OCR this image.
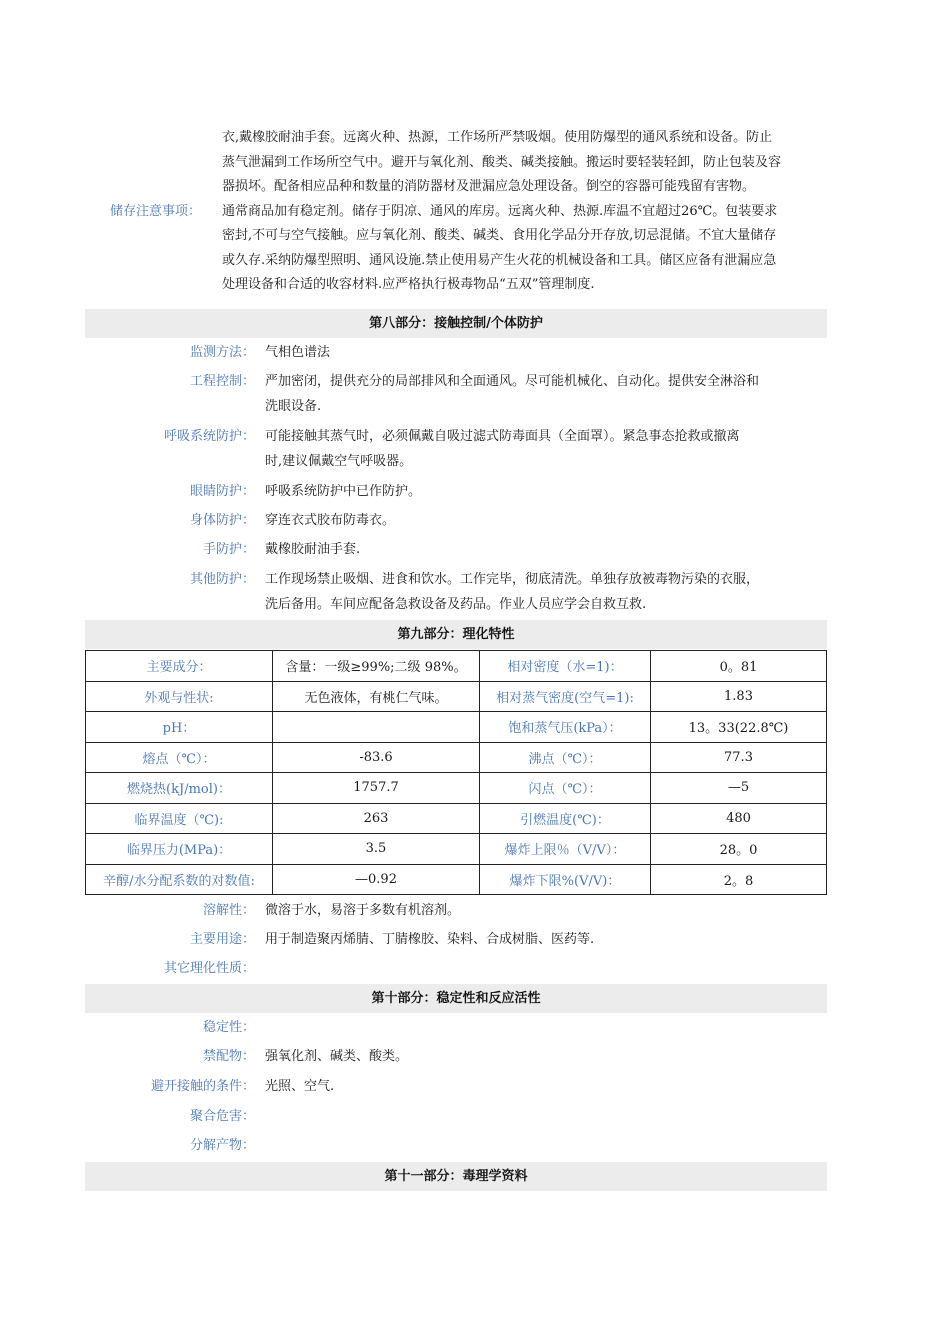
衣,戴橡胶耐油手套。远离火种、热源，工作场所严禁吸烟。使用防爆型的通风系统和设备。防止
蒸气泄漏到工作场所空气中。避开与氧化剂、酸类、碱类接触。搬运时要轻装轻卸，防止包装及容
器损坏。配备相应品种和数量的消防器材及泄漏应急处理设备。倒空的容器可能残留有害物。
储存注意事项：	通常商品加有稳定剂。储存于阴凉、通风的库房。远离火种、热源.库温不宜超过26℃。包装要求
密封,不可与空气接触。应与氧化剂、酸类、碱类、食用化学品分开存放,切忌混储。不宜大量储存
或久存.采纳防爆型照明、通风设施.禁止使用易产生火花的机械设备和工具。储区应备有泄漏应急
处理设备和合适的收容材料.应严格执行极毒物品“五双”管理制度.
第八部分：接触控制/个体防护
监测方法： 气相色谱法
工程控制： 严加密闭，提供充分的局部排风和全面通风。尽可能机械化、自动化。提供安全淋浴和
洗眼设备.
呼吸系统防护： 可能接触其蒸气时，必须佩戴自吸过滤式防毒面具（全面罩）。紧急事态抢救或撤离
时,建议佩戴空气呼吸器。
眼睛防护： 呼吸系统防护中已作防护。
身体防护： 穿连衣式胶布防毒衣。
手防护： 戴橡胶耐油手套.
其他防护： 工作现场禁止吸烟、进食和饮水。工作完毕，彻底清洗。单独存放被毒物污染的衣服，
洗后备用。车间应配备急救设备及药品。作业人员应学会自救互救.
第九部分：理化特性
主要成分：	含量：一级≥99%;二级 98%。	相对密度（水=1)：	0。81
外观与性状:	无色液体，有桃仁气味。	相对蒸气密度(空气=1):	1.83
pH：		饱和蒸气压(kPa）：	13。33(22.8℃)
熔点（℃）：	-83.6	沸点（℃）：	77.3
燃烧热(kJ/mol)：	1757.7	闪点（℃）：	—5
临界温度（℃):	263	引燃温度(℃)：	480
临界压力(MPa)：	3.5	爆炸上限％（V/V）：	28。0
辛醇/水分配系数的对数值:	—0.92	爆炸下限%(V/V)：	2。8
溶解性： 微溶于水，易溶于多数有机溶剂。
主要用途： 用于制造聚丙烯腈、丁腈橡胶、染料、合成树脂、医药等.
其它理化性质：
第十部分：稳定性和反应活性
稳定性：
禁配物： 强氧化剂、碱类、酸类。
避开接触的条件： 光照、空气.
聚合危害：
分解产物：
第十一部分：毒理学资料
